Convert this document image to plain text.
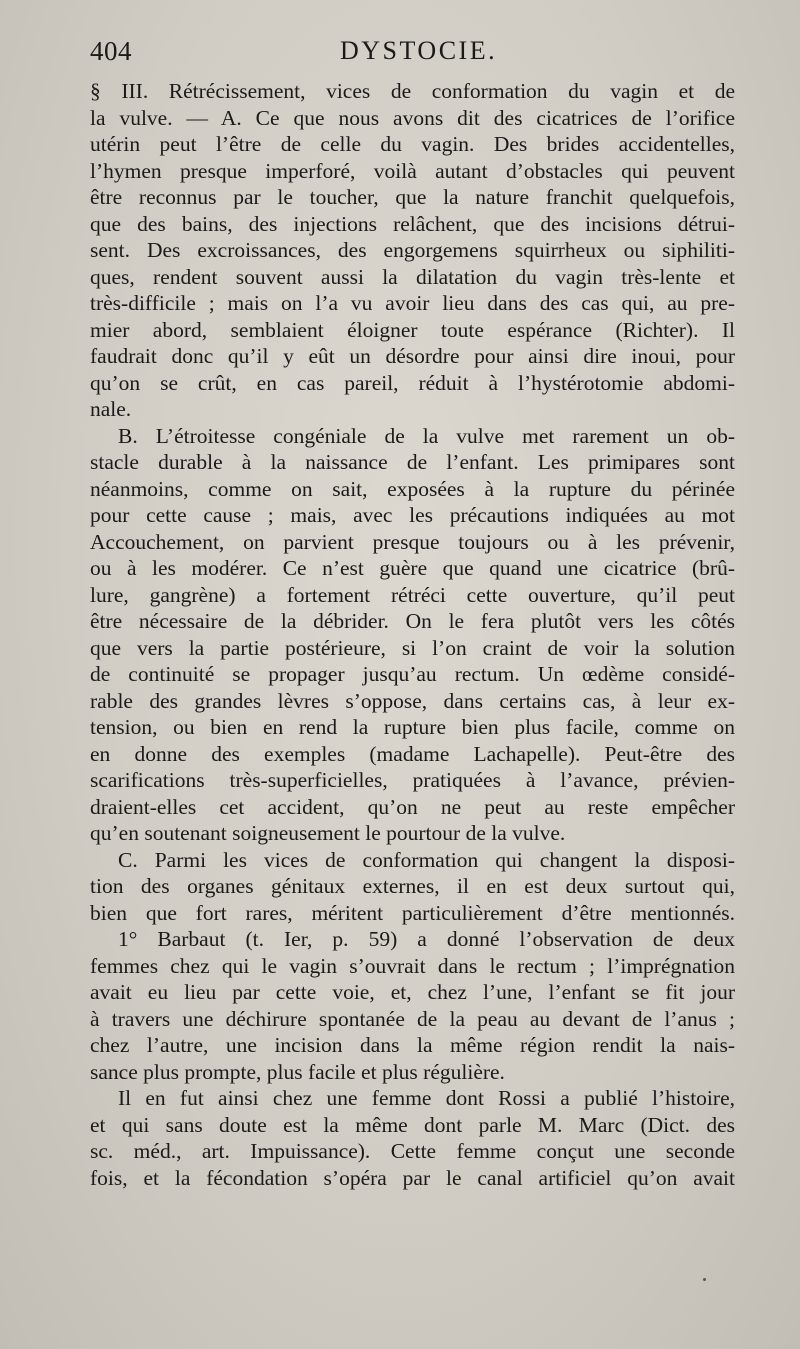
404	DYSTOCIE.
§ III. Rétrécissement, vices de conformation du vagin et de
la vulve. — A. Ce que nous avons dit des cicatrices de l’orifice
utérin peut l’être de celle du vagin. Des brides accidentelles,
l’hymen presque imperforé, voilà autant d’obstacles qui peuvent
être reconnus par le toucher, que la nature franchit quelquefois,
que des bains, des injections relâchent, que des incisions détrui-
sent. Des excroissances, des engorgemens squirrheux ou siphiliti-
ques, rendent souvent aussi la dilatation du vagin très-lente et
très-difficile ; mais on l’a vu avoir lieu dans des cas qui, au pre-
mier abord, semblaient éloigner toute espérance (Richter). Il
faudrait donc qu’il y eût un désordre pour ainsi dire inoui, pour
qu’on se crût, en cas pareil, réduit à l’hystérotomie abdomi-
nale.
B. L’étroitesse congéniale de la vulve met rarement un ob-
stacle durable à la naissance de l’enfant. Les primipares sont
néanmoins, comme on sait, exposées à la rupture du périnée
pour cette cause ; mais, avec les précautions indiquées au mot
Accouchement, on parvient presque toujours ou à les prévenir,
ou à les modérer. Ce n’est guère que quand une cicatrice (brû-
lure, gangrène) a fortement rétréci cette ouverture, qu’il peut
être nécessaire de la débrider. On le fera plutôt vers les côtés
que vers la partie postérieure, si l’on craint de voir la solution
de continuité se propager jusqu’au rectum. Un œdème considé-
rable des grandes lèvres s’oppose, dans certains cas, à leur ex-
tension, ou bien en rend la rupture bien plus facile, comme on
en donne des exemples (madame Lachapelle). Peut-être des
scarifications très-superficielles, pratiquées à l’avance, prévien-
draient-elles cet accident, qu’on ne peut au reste empêcher
qu’en soutenant soigneusement le pourtour de la vulve.
C. Parmi les vices de conformation qui changent la disposi-
tion des organes génitaux externes, il en est deux surtout qui,
bien que fort rares, méritent particulièrement d’être mentionnés.
1° Barbaut (t. Ier, p. 59) a donné l’observation de deux
femmes chez qui le vagin s’ouvrait dans le rectum ; l’imprégnation
avait eu lieu par cette voie, et, chez l’une, l’enfant se fit jour
à travers une déchirure spontanée de la peau au devant de l’anus ;
chez l’autre, une incision dans la même région rendit la nais-
sance plus prompte, plus facile et plus régulière.
Il en fut ainsi chez une femme dont Rossi a publié l’histoire,
et qui sans doute est la même dont parle M. Marc (Dict. des
sc. méd., art. Impuissance). Cette femme conçut une seconde
fois, et la fécondation s’opéra par le canal artificiel qu’on avait
